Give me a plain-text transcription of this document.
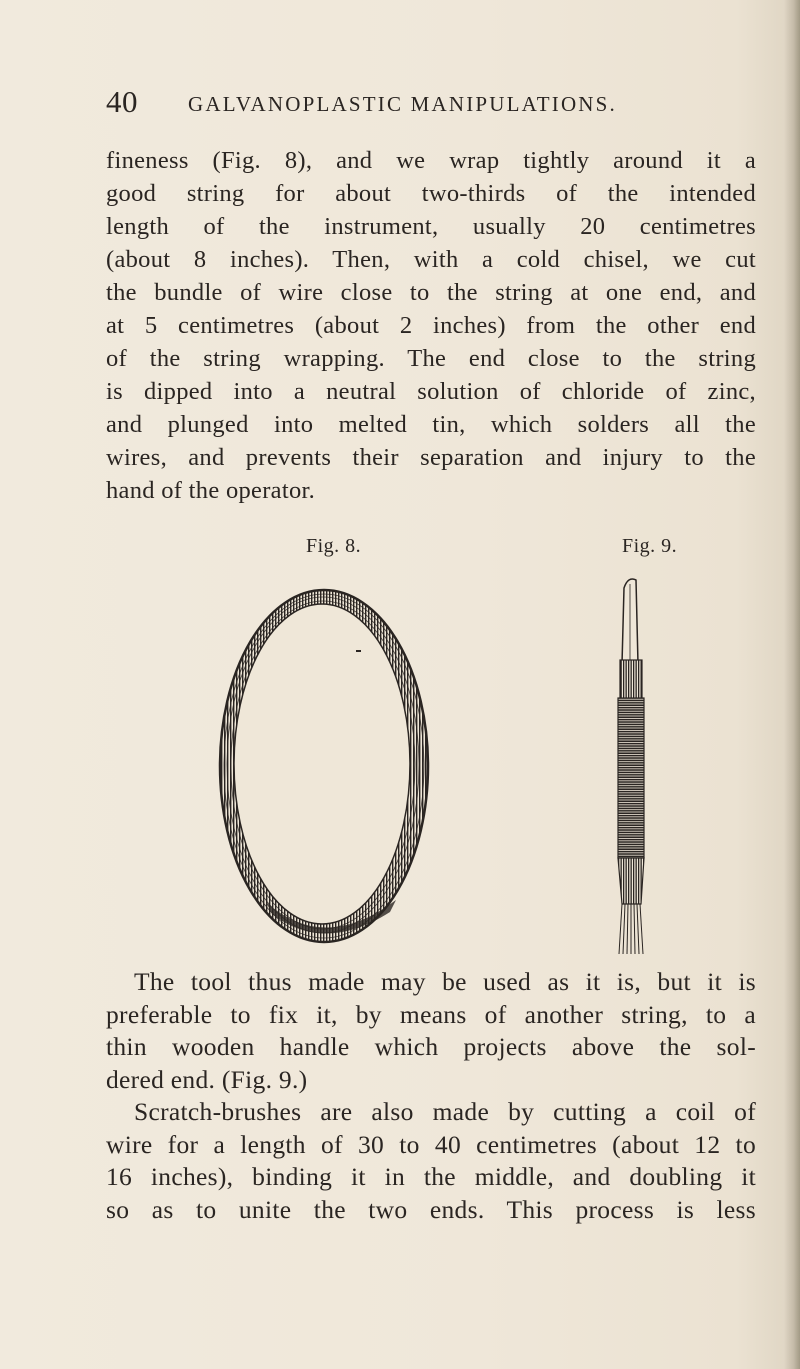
40 GALVANOPLASTIC MANIPULATIONS.
fineness (Fig. 8), and we wrap tightly around it a
good string for about two-thirds of the intended
length of the instrument, usually 20 centimetres
(about 8 inches). Then, with a cold chisel, we cut
the bundle of wire close to the string at one end, and
at 5 centimetres (about 2 inches) from the other end
of the string wrapping. The end close to the string
is dipped into a neutral solution of chloride of zinc,
and plunged into melted tin, which solders all the
wires, and prevents their separation and injury to the
hand of the operator.
Fig. 8.	Fig. 9.
The tool thus made may be used as it is, but it is
preferable to fix it, by means of another string, to a
thin wooden handle which projects above the sol-
dered end. (Fig. 9.)
Scratch-brushes are also made by cutting a coil of
wire for a length of 30 to 40 centimetres (about 12 to
16 inches), binding it in the middle, and doubling it
so as to unite the two ends. This process is less
